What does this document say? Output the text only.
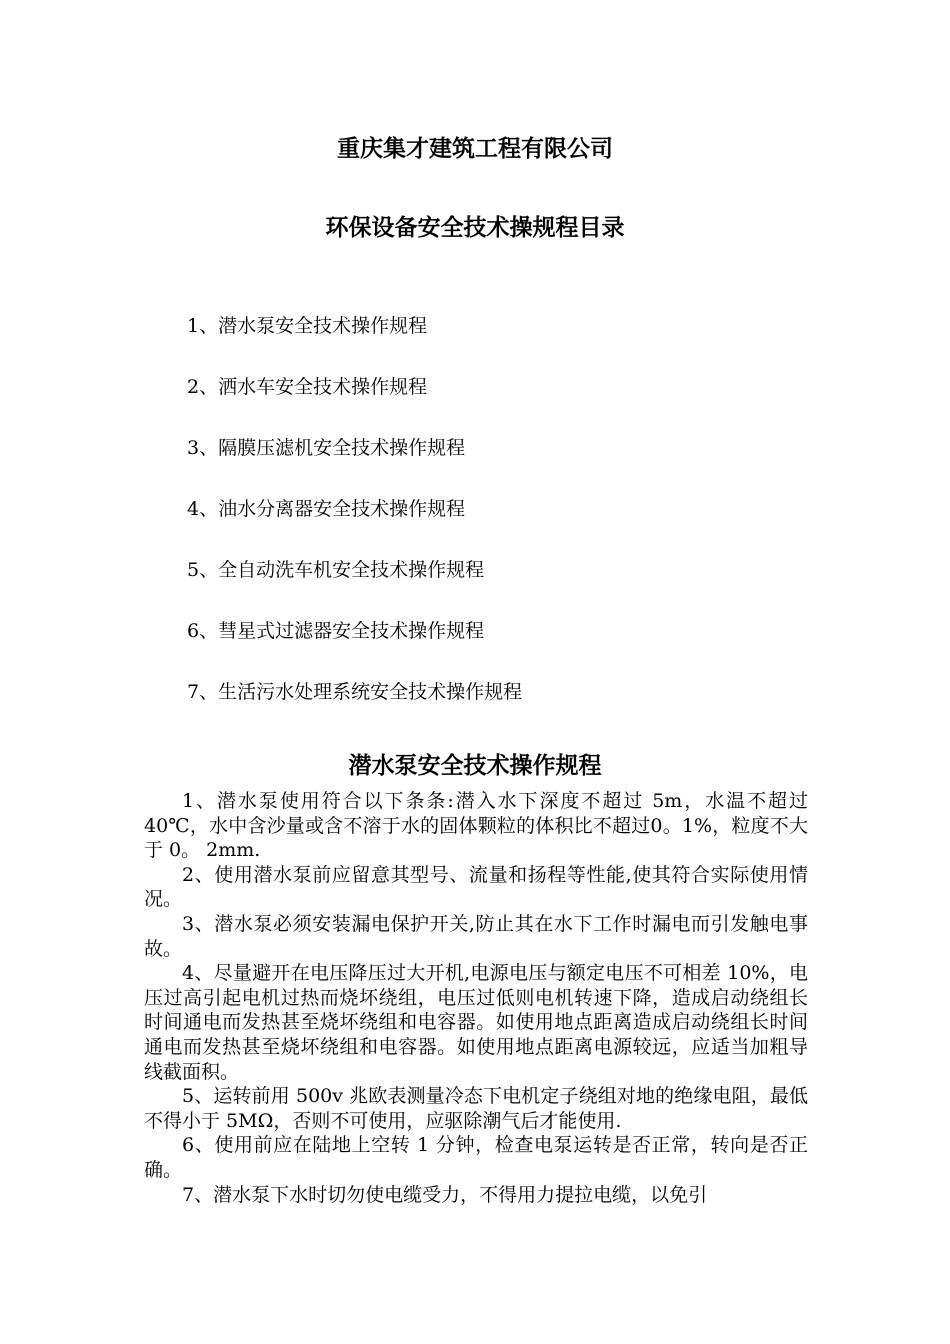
重庆集才建筑工程有限公司
环保设备安全技术操规程目录
1、潜水泵安全技术操作规程
2、洒水车安全技术操作规程
3、隔膜压滤机安全技术操作规程
4、油水分离器安全技术操作规程
5、全自动洗车机安全技术操作规程
6、彗星式过滤器安全技术操作规程
7、生活污水处理系统安全技术操作规程
潜水泵安全技术操作规程

1、潜水泵使用符合以下条条:潜入水下深度不超过 5m，水温不超过 40℃，水中含沙量或含不溶于水的固体颗粒的体积比不超过0。1%，粒度不大于 0。 2mm.

2、使用潜水泵前应留意其型号、流量和扬程等性能,使其符合实际使用情况。

3、潜水泵必须安装漏电保护开关,防止其在水下工作时漏电而引发触电事故。

4、尽量避开在电压降压过大开机,电源电压与额定电压不可相差 10%，电压过高引起电机过热而烧坏绕组，电压过低则电机转速下降，造成启动绕组长时间通电而发热甚至烧坏绕组和电容器。如使用地点距离造成启动绕组长时间通电而发热甚至烧坏绕组和电容器。如使用地点距离电源较远，应适当加粗导线截面积。

5、运转前用 500v 兆欧表测量冷态下电机定子绕组对地的绝缘电阻，最低不得小于 5MΩ，否则不可使用，应驱除潮气后才能使用.

6、使用前应在陆地上空转 1 分钟，检查电泵运转是否正常，转向是否正确。

7、潜水泵下水时切勿使电缆受力，不得用力提拉电缆，以免引
